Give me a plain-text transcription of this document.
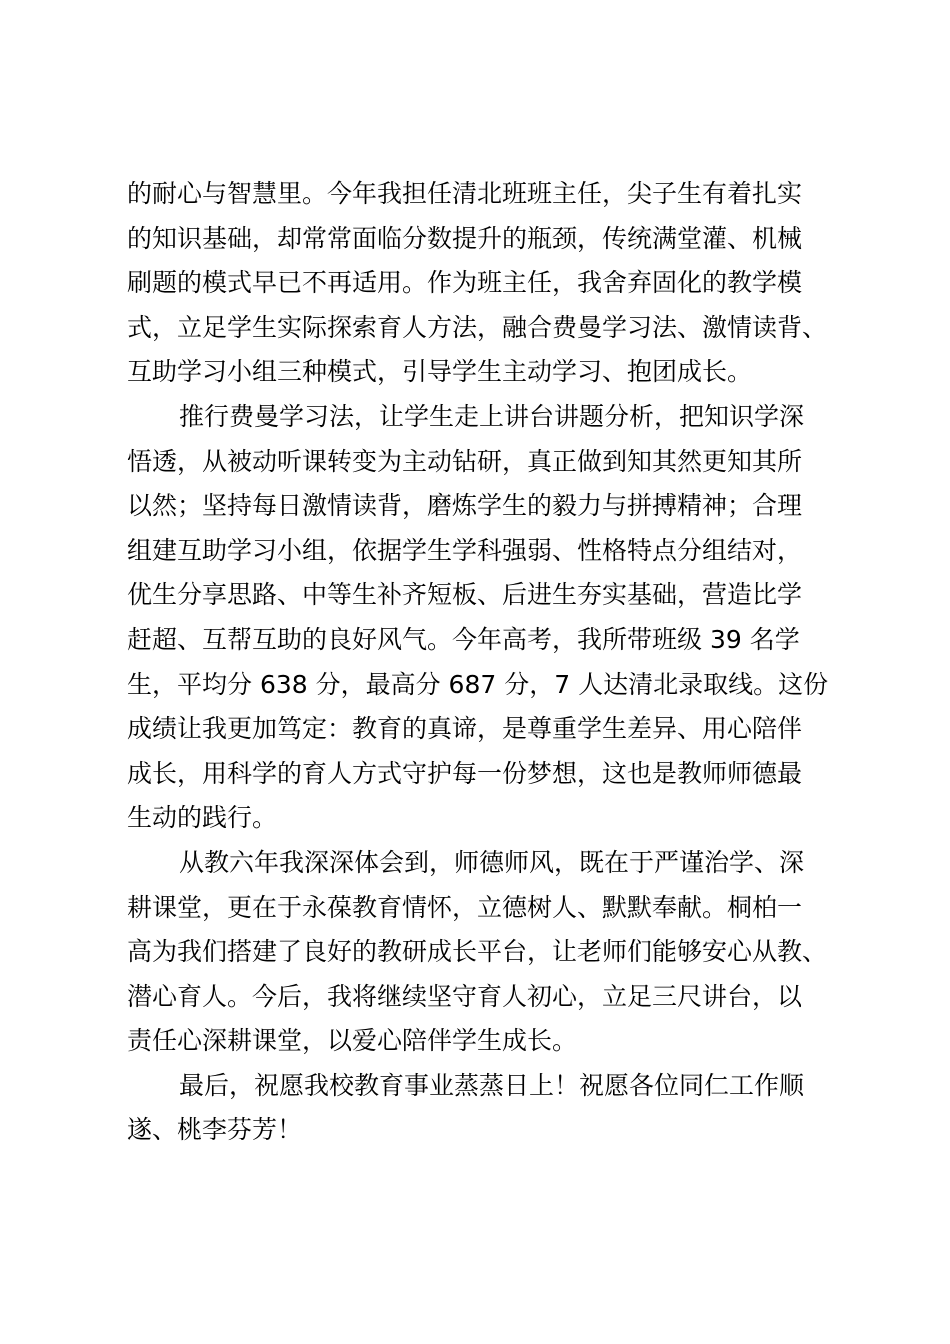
的耐心与智慧里。今年我担任清北班班主任，尖子生有着扎实
的知识基础，却常常面临分数提升的瓶颈，传统满堂灌、机械
刷题的模式早已不再适用。作为班主任，我舍弃固化的教学模
式，立足学生实际探索育人方法，融合费曼学习法、激情读背、
互助学习小组三种模式，引导学生主动学习、抱团成长。
推行费曼学习法，让学生走上讲台讲题分析，把知识学深
悟透，从被动听课转变为主动钻研，真正做到知其然更知其所
以然；坚持每日激情读背，磨炼学生的毅力与拼搏精神；合理
组建互助学习小组，依据学生学科强弱、性格特点分组结对，
优生分享思路、中等生补齐短板、后进生夯实基础，营造比学
赶超、互帮互助的良好风气。今年高考，我所带班级 39 名学
生，平均分 638 分，最高分 687 分，7 人达清北录取线。这份
成绩让我更加笃定：教育的真谛，是尊重学生差异、用心陪伴
成长，用科学的育人方式守护每一份梦想，这也是教师师德最
生动的践行。
从教六年我深深体会到，师德师风，既在于严谨治学、深
耕课堂，更在于永葆教育情怀，立德树人、默默奉献。桐柏一
高为我们搭建了良好的教研成长平台，让老师们能够安心从教、
潜心育人。今后，我将继续坚守育人初心，立足三尺讲台，以
责任心深耕课堂，以爱心陪伴学生成长。
最后，祝愿我校教育事业蒸蒸日上！祝愿各位同仁工作顺
遂、桃李芬芳！
